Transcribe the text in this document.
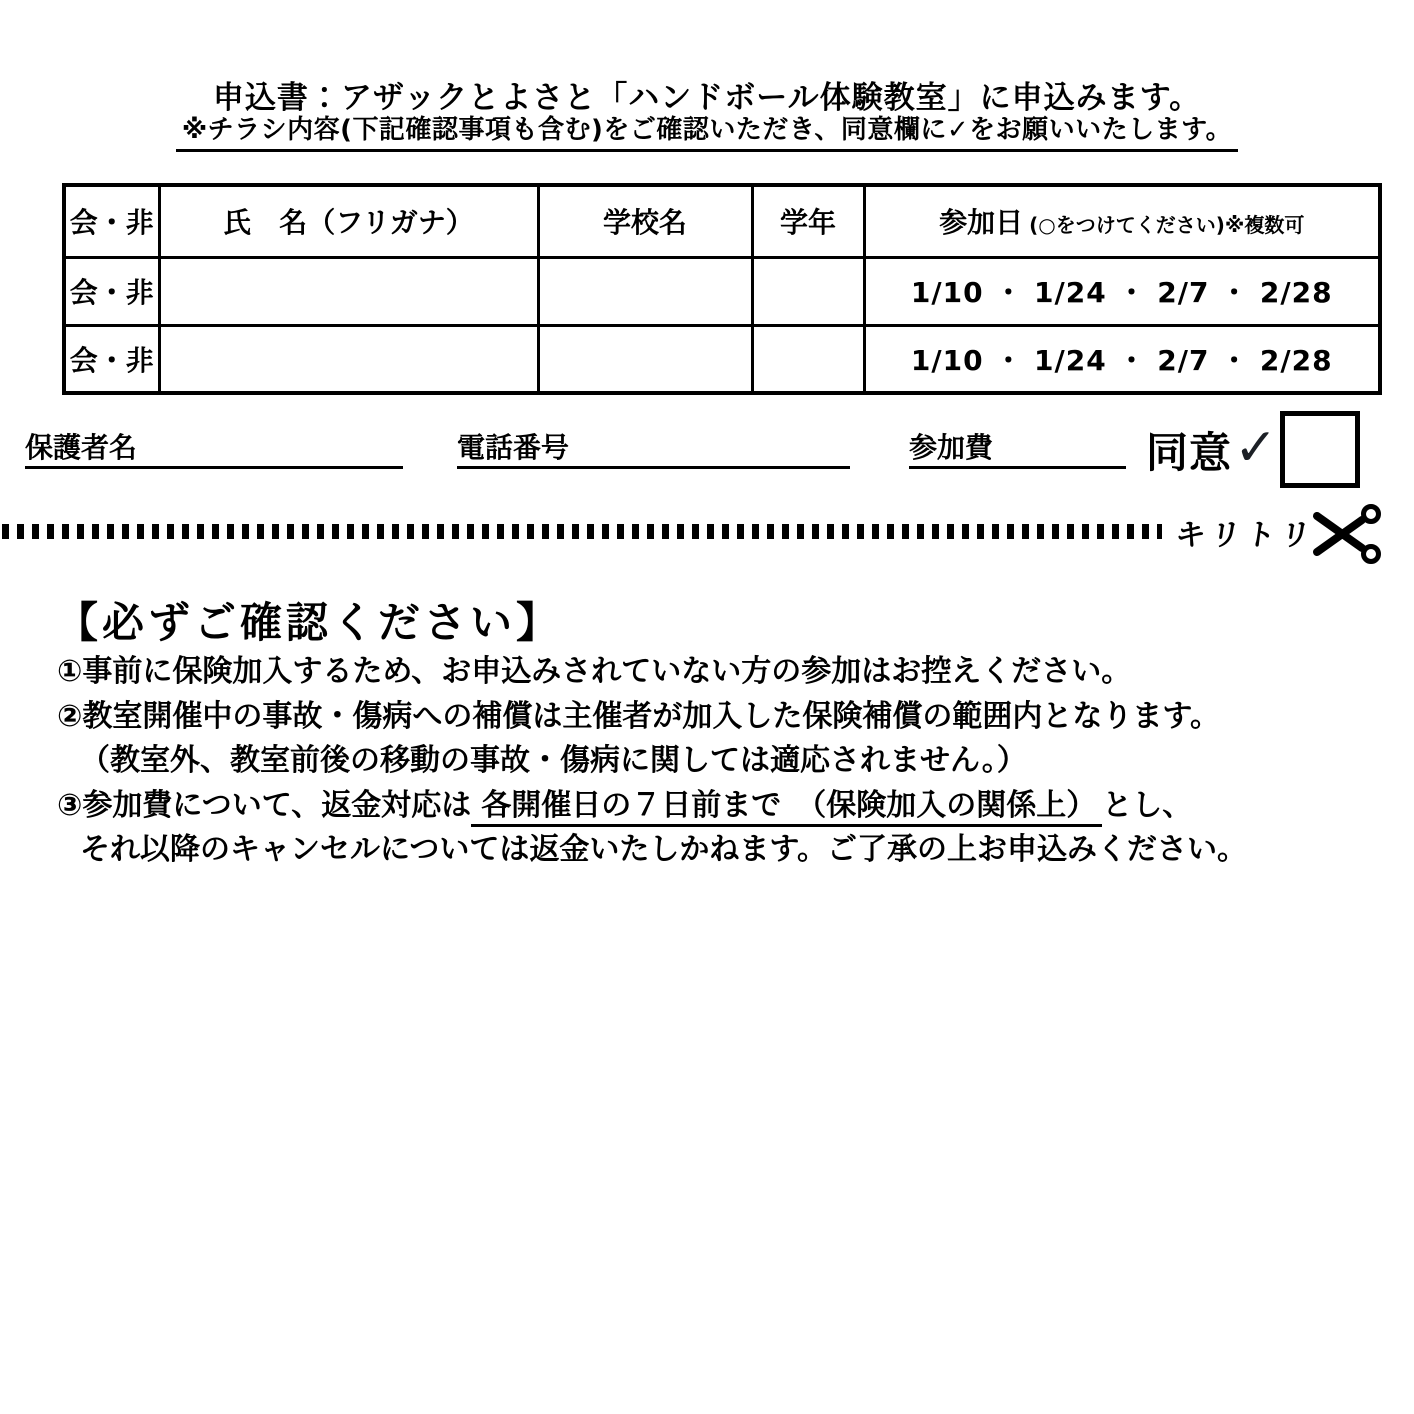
申込書：アザックとよさと「ハンドボール体験教室」に申込みます。
※チラシ内容(下記確認事項も含む)をご確認いただき、同意欄に✓をお願いいたします。
会・非	氏　名（フリガナ）	学校名	学年	参加日 (○をつけてください)※複数可
会・非				1/10 ・ 1/24 ・ 2/7 ・ 2/28
会・非				1/10 ・ 1/24 ・ 2/7 ・ 2/28
保護者名	電話番号	参加費	同意 ✓
キリトリ
【必ずご確認ください】
①事前に保険加入するため、お申込みされていない方の参加はお控えください。
②教室開催中の事故・傷病への補償は主催者が加入した保険補償の範囲内となります。
（教室外、教室前後の移動の事故・傷病に関しては適応されません。）
③参加費について、返金対応は 各開催日の７日前まで　（保険加入の関係上） とし、
それ以降のキャンセルについては返金いたしかねます。ご了承の上お申込みください。
